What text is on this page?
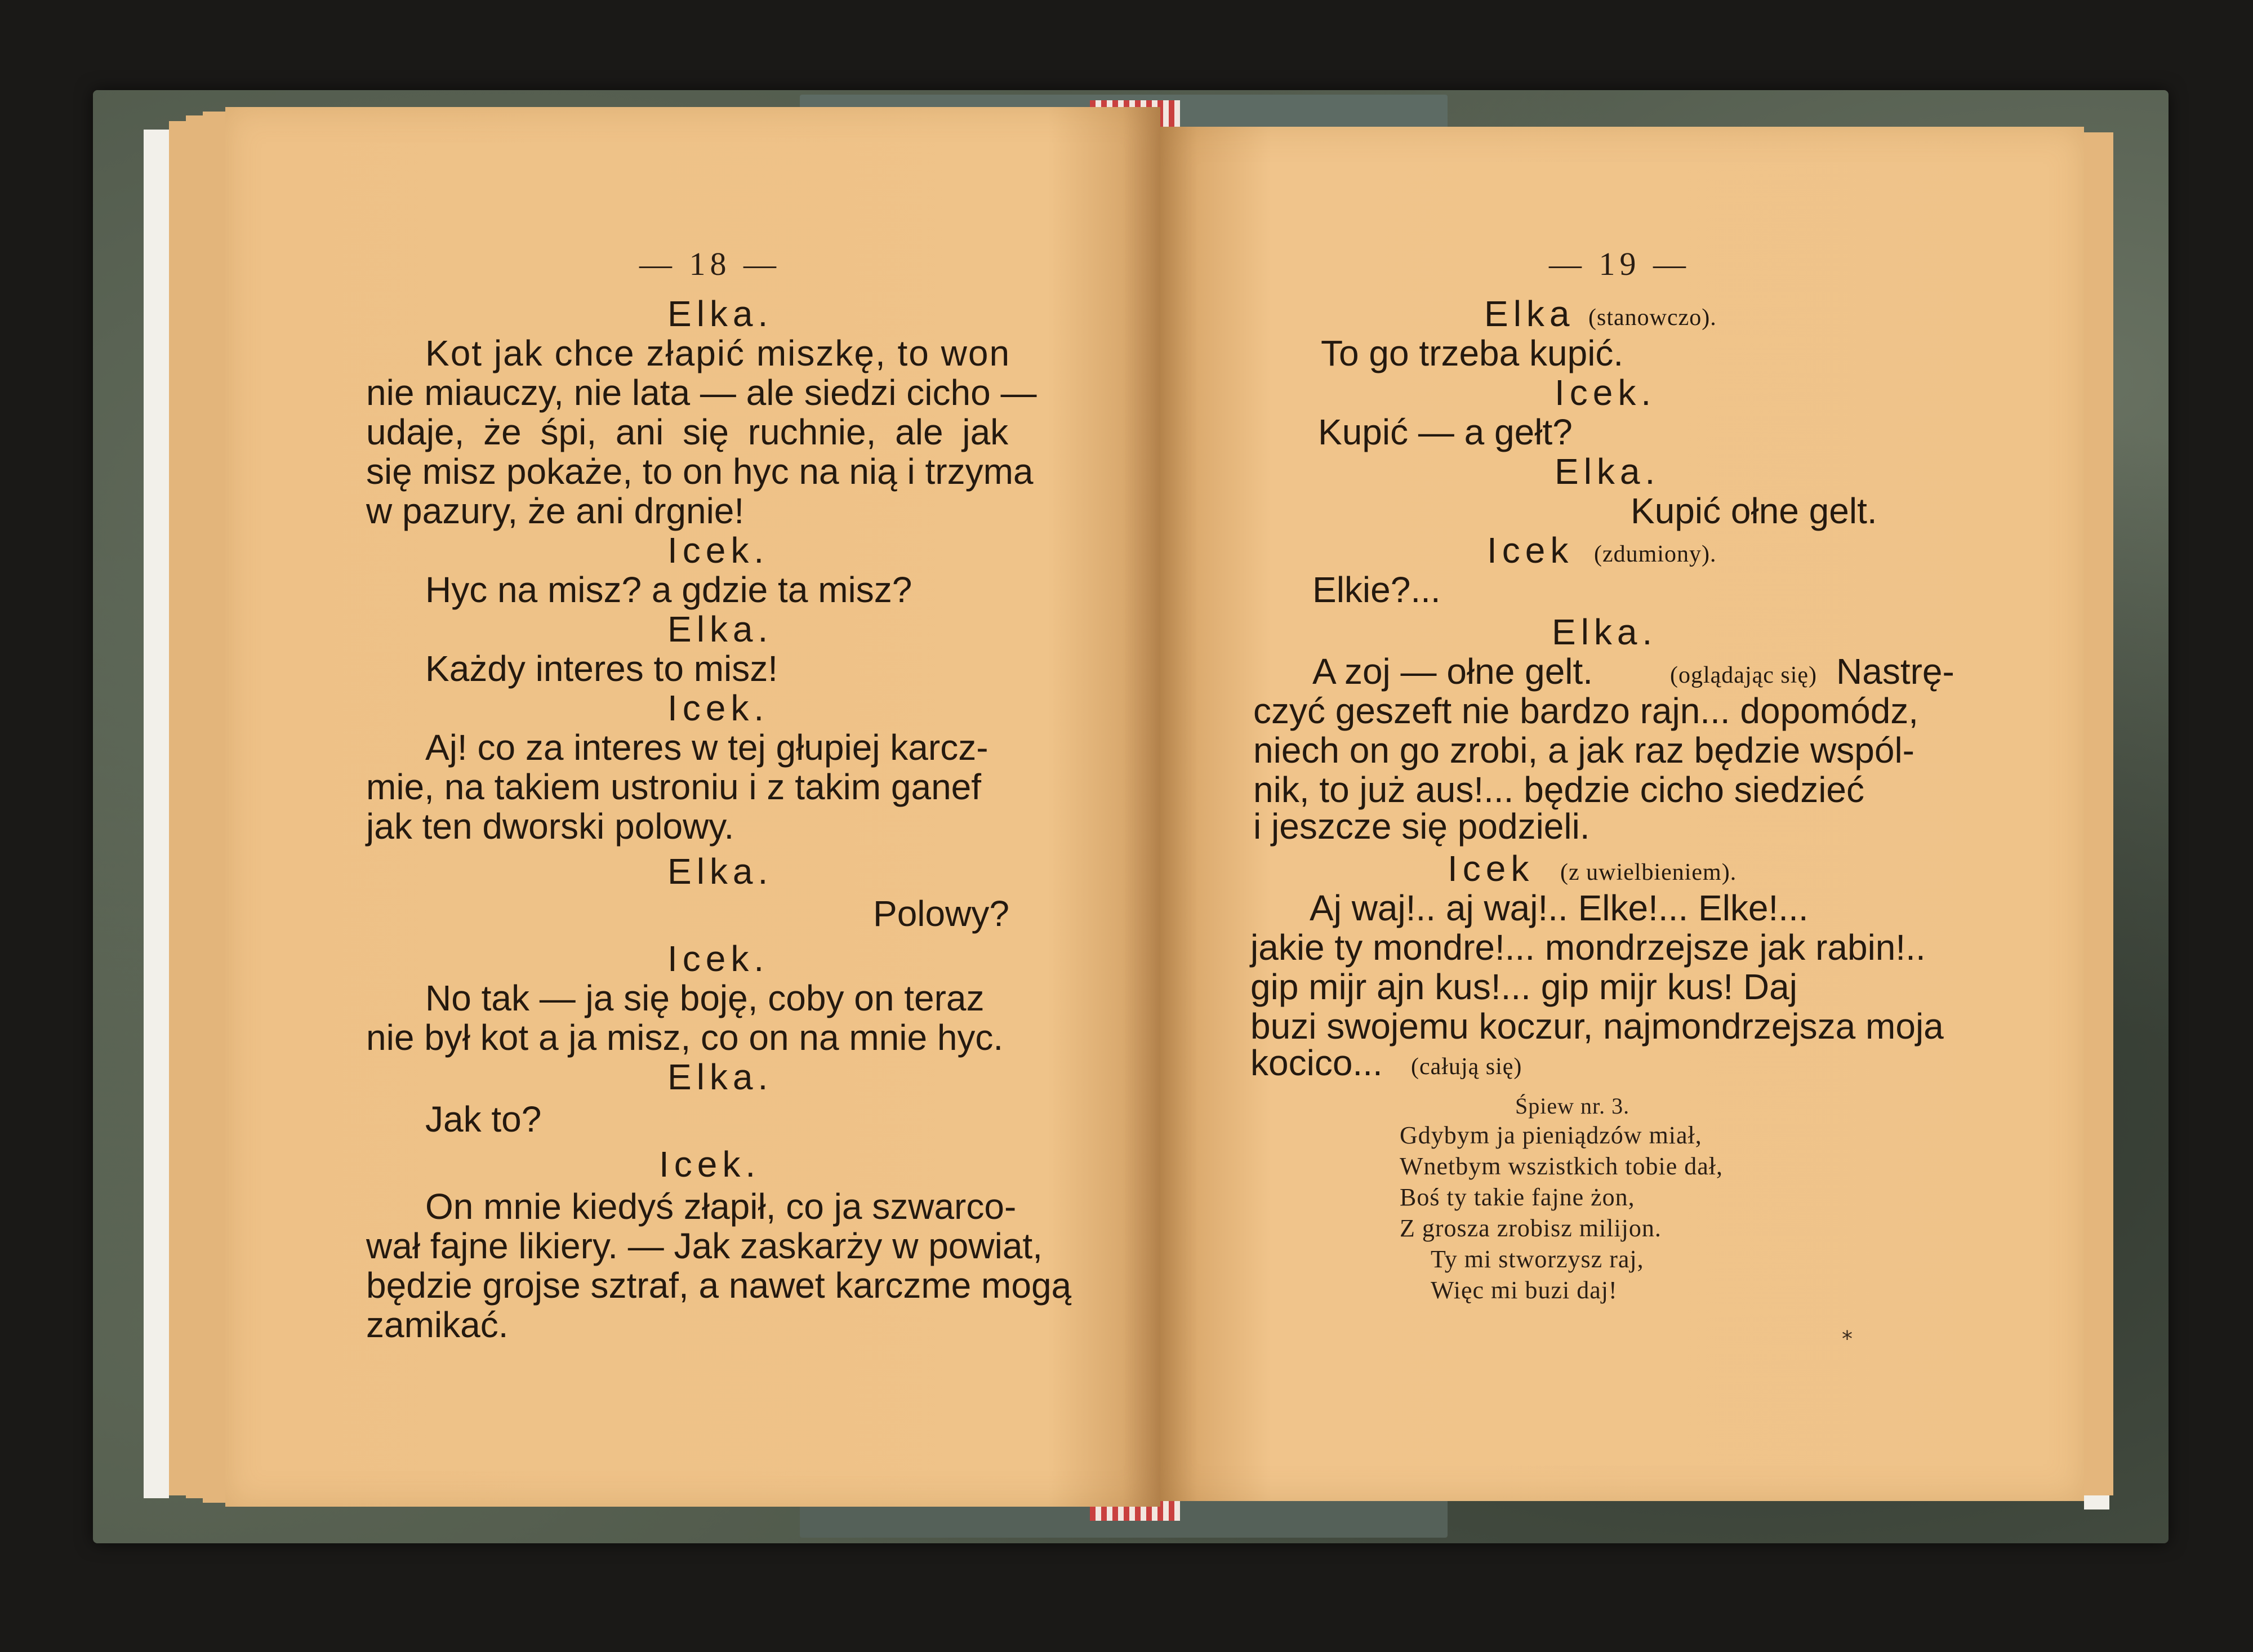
— 18 —
Elka.
Kot jak chce złapić miszkę, to won
nie miauczy, nie lata — ale siedzi cicho —
udaje, że śpi, ani się ruchnie, ale jak
się misz pokaże, to on hyc na nią i trzyma
w pazury, że ani drgnie!
Icek.
Hyc na misz? a gdzie ta misz?
Elka.
Każdy interes to misz!
Icek.
Aj! co za interes w tej głupiej karcz-
mie, na takiem ustroniu i z takim ganef
jak ten dworski polowy.
Elka.
Polowy?
Icek.
No tak — ja się boję, coby on teraz
nie był kot a ja misz, co on na mnie hyc.
Elka.
Jak to?
Icek.
On mnie kiedyś złapił, co ja szwarco-
wał fajne likiery. — Jak zaskarży w powiat,
będzie grojse sztraf, a nawet karczme mogą
zamikać.
— 19 —
Elka (stanowczo).
To go trzeba kupić.
Icek.
Kupić — a gełt?
Elka.
Kupić ołne gelt.
Icek (zdumiony).
Elkie?...
Elka.
A zoj — ołne gelt.	(oglądając się) Nastrę-
czyć geszeft nie bardzo rajn... dopomódz,
niech on go zrobi, a jak raz będzie wspól-
nik, to już aus!... będzie cicho siedzieć
i jeszcze się podzieli.
Icek (z uwielbieniem).
Aj waj!.. aj waj!.. Elke!... Elke!...
jakie ty mondre!... mondrzejsze jak rabin!..
gip mijr ajn kus!... gip mijr kus! Daj
buzi swojemu koczur, najmondrzejsza moja
kocico... (całują się)
Śpiew nr. 3.
Gdybym ja pieniądzów miał,
Wnetbym wszistkich tobie dał,
Boś ty takie fajne żon,
Z grosza zrobisz milijon.
Ty mi stworzysz raj,
Więc mi buzi daj!
*
